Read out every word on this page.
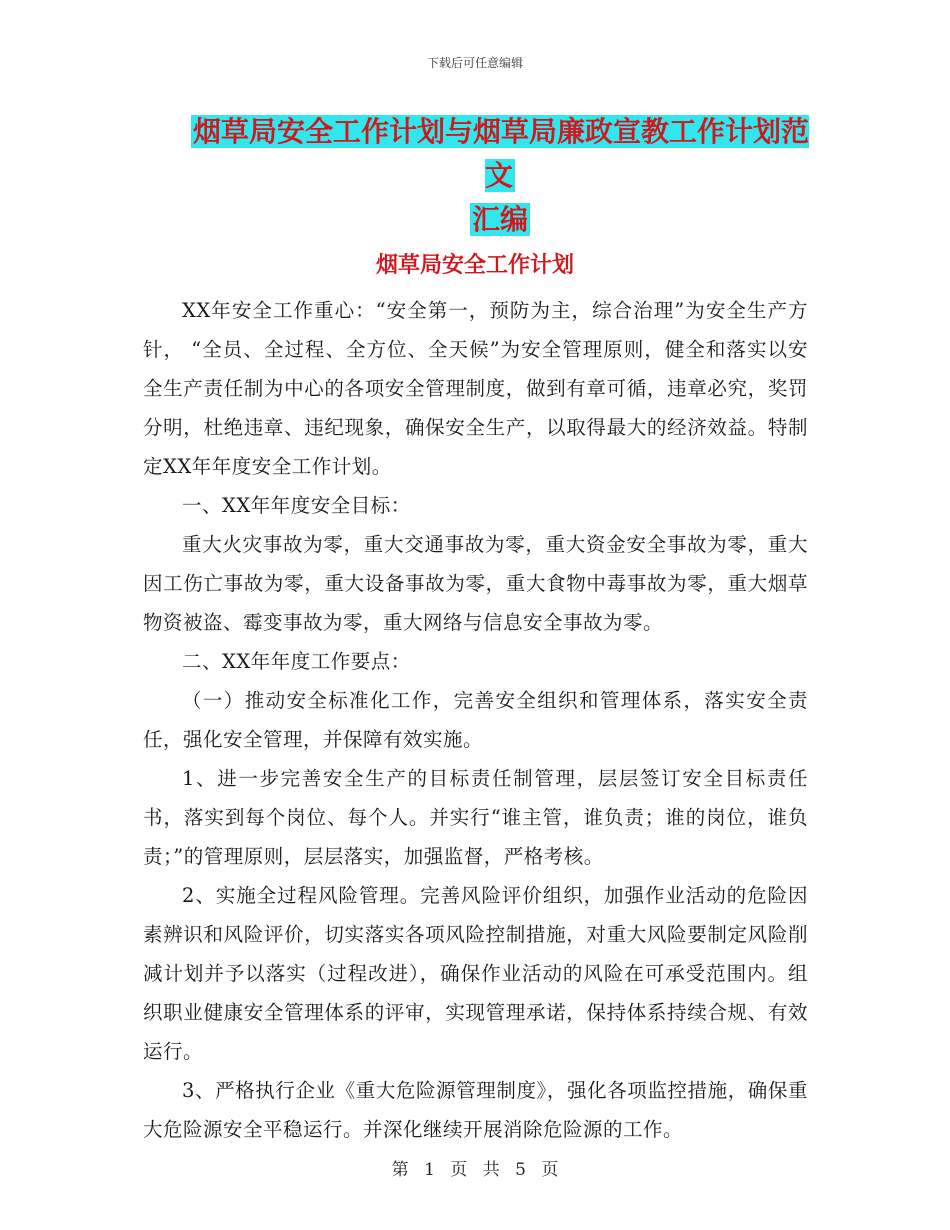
下载后可任意编辑
烟草局安全工作计划与烟草局廉政宣教工作计划范文
汇编
烟草局安全工作计划

XX年安全工作重心：“安全第一，预防为主，综合治理”为安全生产方针， “全员、全过程、全方位、全天候”为安全管理原则，健全和落实以安全生产责任制为中心的各项安全管理制度，做到有章可循，违章必究，奖罚分明，杜绝违章、违纪现象，确保安全生产，以取得最大的经济效益。特制定XX年年度安全工作计划。

一、XX年年度安全目标：

重大火灾事故为零，重大交通事故为零，重大资金安全事故为零，重大因工伤亡事故为零，重大设备事故为零，重大食物中毒事故为零，重大烟草物资被盗、霉变事故为零，重大网络与信息安全事故为零。

二、XX年年度工作要点：

（一）推动安全标准化工作，完善安全组织和管理体系，落实安全责任，强化安全管理，并保障有效实施。

1、进一步完善安全生产的目标责任制管理，层层签订安全目标责任书，落实到每个岗位、每个人。并实行“谁主管，谁负责；谁的岗位，谁负责；”的管理原则，层层落实，加强监督，严格考核。

2、实施全过程风险管理。完善风险评价组织，加强作业活动的危险因素辨识和风险评价，切实落实各项风险控制措施，对重大风险要制定风险削减计划并予以落实（过程改进），确保作业活动的风险在可承受范围内。组织职业健康安全管理体系的评审，实现管理承诺，保持体系持续合规、有效运行。

3、严格执行企业《重大危险源管理制度》，强化各项监控措施，确保重大危险源安全平稳运行。并深化继续开展消除危险源的工作。

第 1 页 共 5 页
